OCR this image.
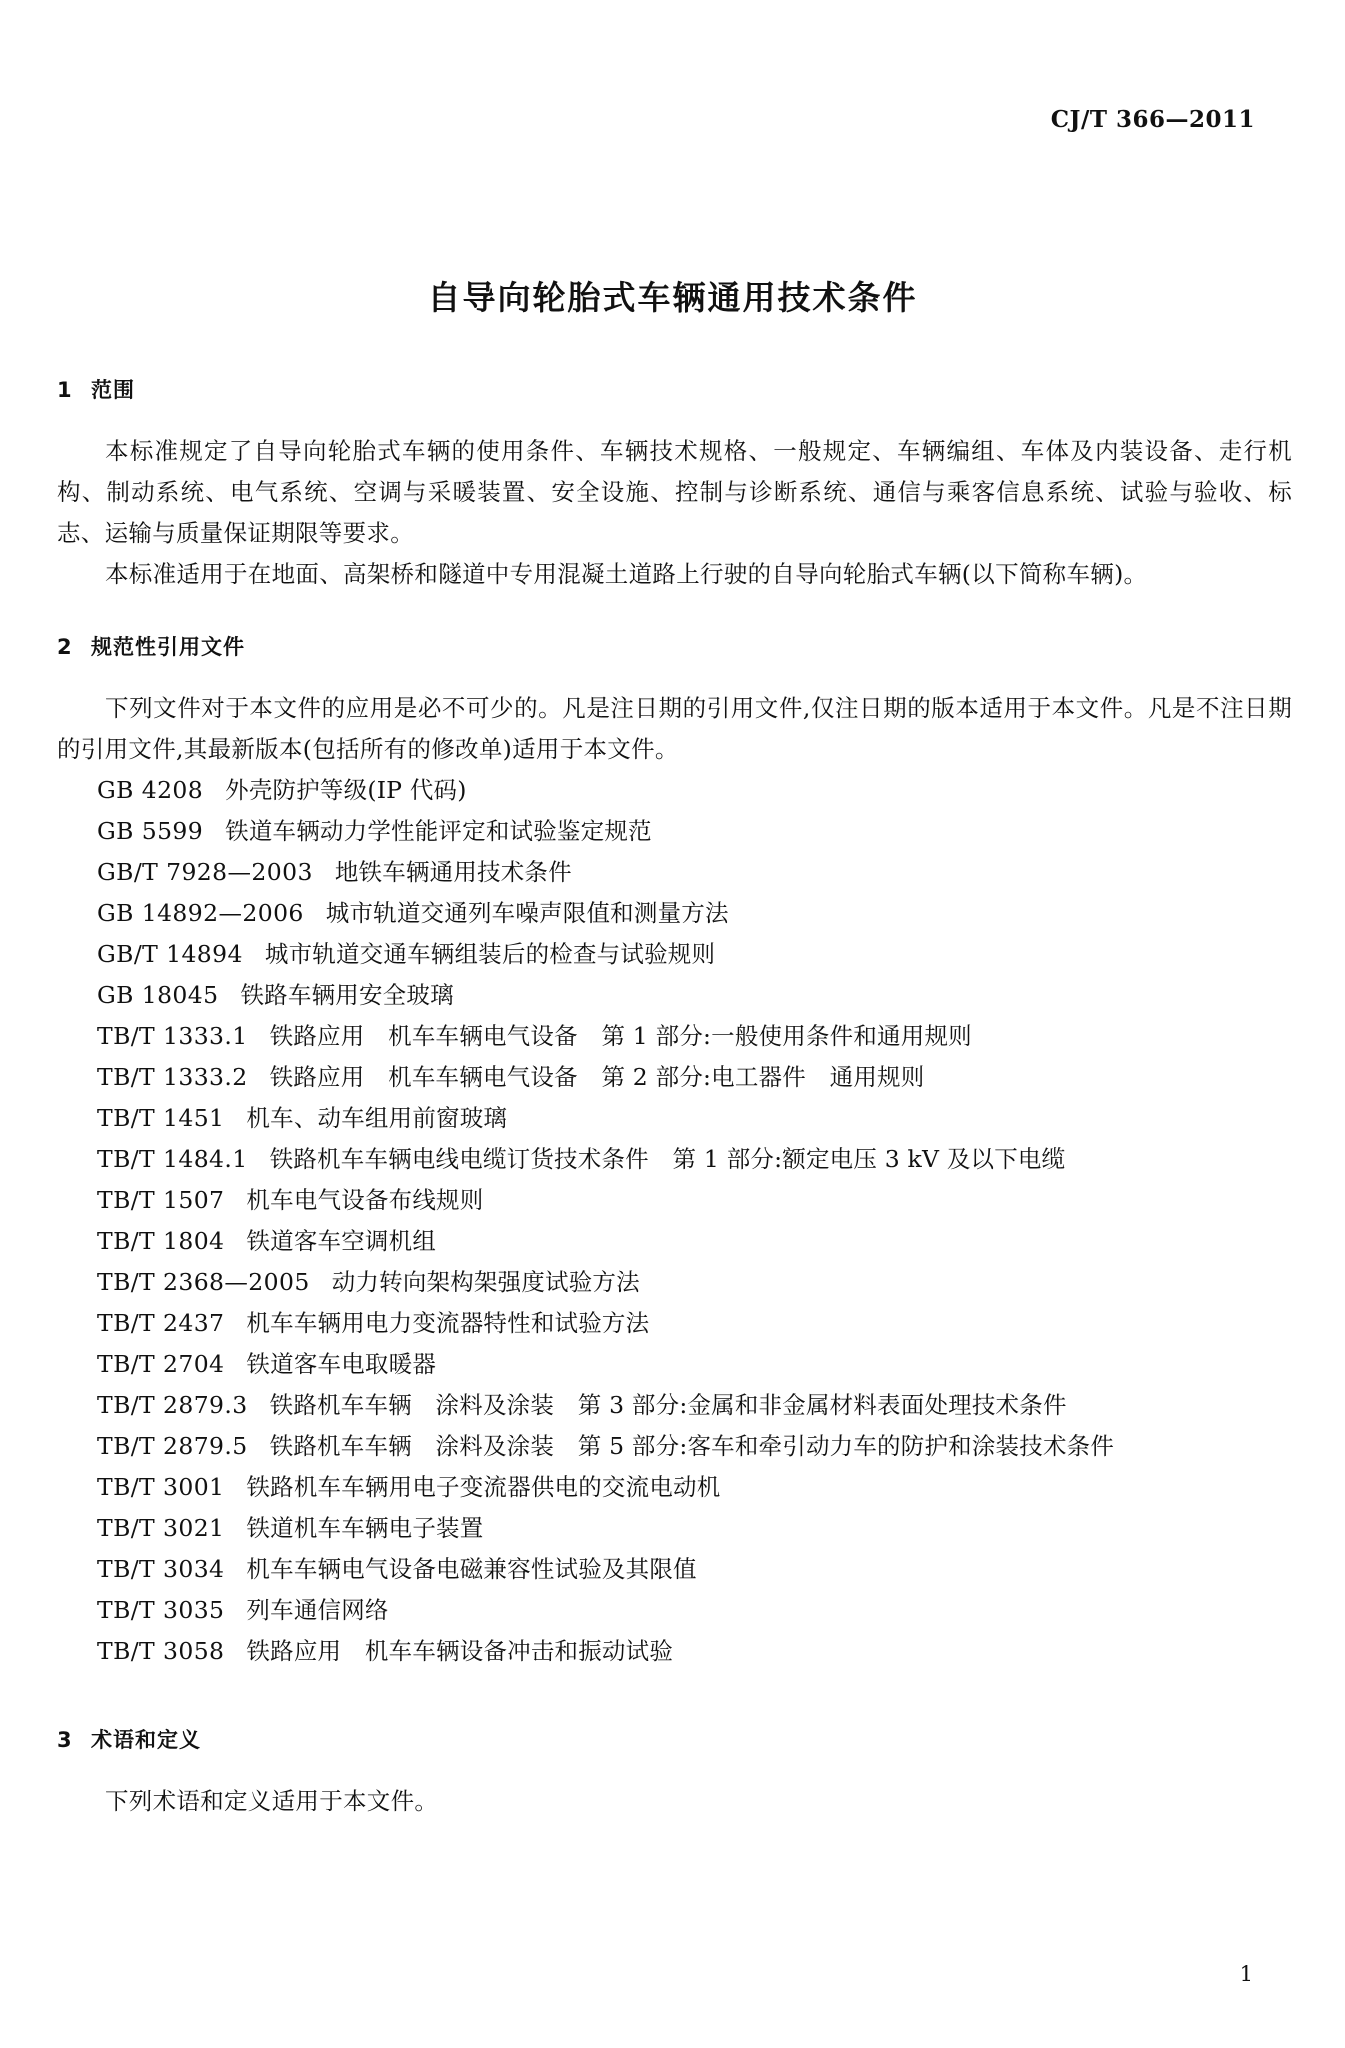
CJ/T 366—2011
自导向轮胎式车辆通用技术条件
1 范围

本标准规定了自导向轮胎式车辆的使用条件、车辆技术规格、一般规定、车辆编组、车体及内装设备、走行机构、制动系统、电气系统、空调与采暖装置、安全设施、控制与诊断系统、通信与乘客信息系统、试验与验收、标志、运输与质量保证期限等要求。

本标准适用于在地面、高架桥和隧道中专用混凝土道路上行驶的自导向轮胎式车辆(以下简称车辆)。

2 规范性引用文件

下列文件对于本文件的应用是必不可少的。凡是注日期的引用文件,仅注日期的版本适用于本文件。凡是不注日期的引用文件,其最新版本(包括所有的修改单)适用于本文件。

GB 4208 外壳防护等级(IP 代码)
GB 5599 铁道车辆动力学性能评定和试验鉴定规范
GB/T 7928—2003 地铁车辆通用技术条件
GB 14892—2006 城市轨道交通列车噪声限值和测量方法
GB/T 14894 城市轨道交通车辆组装后的检查与试验规则
GB 18045 铁路车辆用安全玻璃
TB/T 1333.1 铁路应用　机车车辆电气设备　第 1 部分:一般使用条件和通用规则
TB/T 1333.2 铁路应用　机车车辆电气设备　第 2 部分:电工器件　通用规则
TB/T 1451 机车、动车组用前窗玻璃
TB/T 1484.1 铁路机车车辆电线电缆订货技术条件　第 1 部分:额定电压 3 kV 及以下电缆
TB/T 1507 机车电气设备布线规则
TB/T 1804 铁道客车空调机组
TB/T 2368—2005 动力转向架构架强度试验方法
TB/T 2437 机车车辆用电力变流器特性和试验方法
TB/T 2704 铁道客车电取暖器
TB/T 2879.3 铁路机车车辆　涂料及涂装　第 3 部分:金属和非金属材料表面处理技术条件
TB/T 2879.5 铁路机车车辆　涂料及涂装　第 5 部分:客车和牵引动力车的防护和涂装技术条件
TB/T 3001 铁路机车车辆用电子变流器供电的交流电动机
TB/T 3021 铁道机车车辆电子装置
TB/T 3034 机车车辆电气设备电磁兼容性试验及其限值
TB/T 3035 列车通信网络
TB/T 3058 铁路应用　机车车辆设备冲击和振动试验
3 术语和定义

下列术语和定义适用于本文件。

1
